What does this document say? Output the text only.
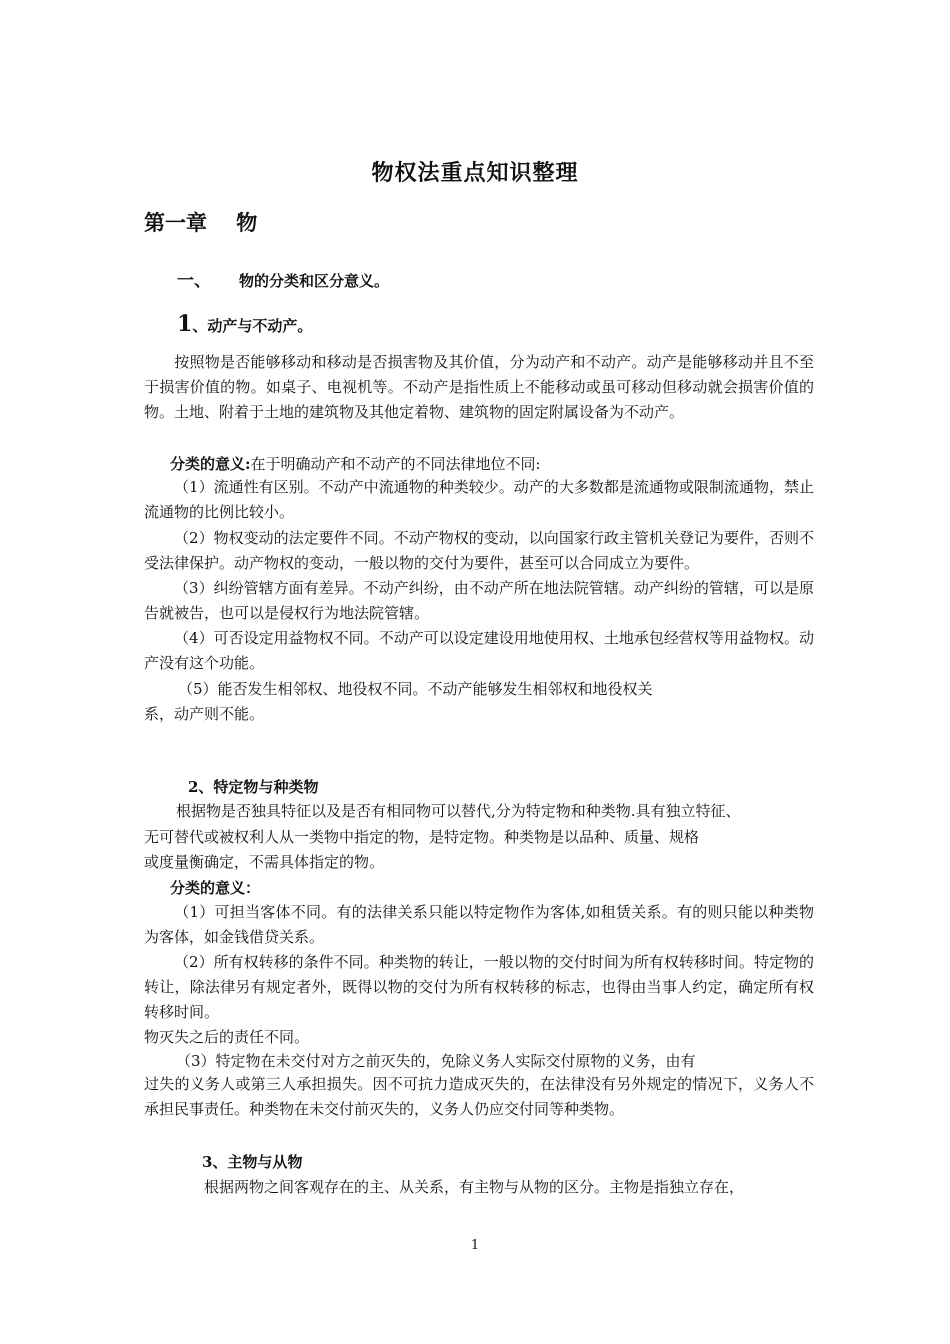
物权法重点知识整理
第一章    物
一、 物的分类和区分意义。
1、动产与不动产。
按照物是否能够移动和移动是否损害物及其价值，分为动产和不动产。动产是能够移动并且不至于损害价值的物。如桌子、电视机等。不动产是指性质上不能移动或虽可移动但移动就会损害价值的物。土地、附着于土地的建筑物及其他定着物、建筑物的固定附属设备为不动产。
分类的意义:在于明确动产和不动产的不同法律地位不同:
（1）流通性有区别。不动产中流通物的种类较少。动产的大多数都是流通物或限制流通物，禁止流通物的比例比较小。
（2）物权变动的法定要件不同。不动产物权的变动，以向国家行政主管机关登记为要件，否则不受法律保护。动产物权的变动，一般以物的交付为要件，甚至可以合同成立为要件。
（3）纠纷管辖方面有差异。不动产纠纷，由不动产所在地法院管辖。动产纠纷的管辖，可以是原告就被告，也可以是侵权行为地法院管辖。
（4）可否设定用益物权不同。不动产可以设定建设用地使用权、土地承包经营权等用益物权。动产没有这个功能。
（5）能否发生相邻权、地役权不同。不动产能够发生相邻权和地役权关
系，动产则不能。
2、特定物与种类物
根据物是否独具特征以及是否有相同物可以替代,分为特定物和种类物.具有独立特征、
无可替代或被权利人从一类物中指定的物，是特定物。种类物是以品种、质量、规格
或度量衡确定，不需具体指定的物。
分类的意义：
（1）可担当客体不同。有的法律关系只能以特定物作为客体,如租赁关系。有的则只能以种类物为客体，如金钱借贷关系。
（2）所有权转移的条件不同。种类物的转让，一般以物的交付时间为所有权转移时间。特定物的转让，除法律另有规定者外，既得以物的交付为所有权转移的标志，也得由当事人约定，确定所有权转移时间。
物灭失之后的责任不同。
（3）特定物在未交付对方之前灭失的，免除义务人实际交付原物的义务，由有
过失的义务人或第三人承担损失。因不可抗力造成灭失的，在法律没有另外规定的情况下，义务人不承担民事责任。种类物在未交付前灭失的，义务人仍应交付同等种类物。
3、主物与从物
根据两物之间客观存在的主、从关系，有主物与从物的区分。主物是指独立存在，
1
